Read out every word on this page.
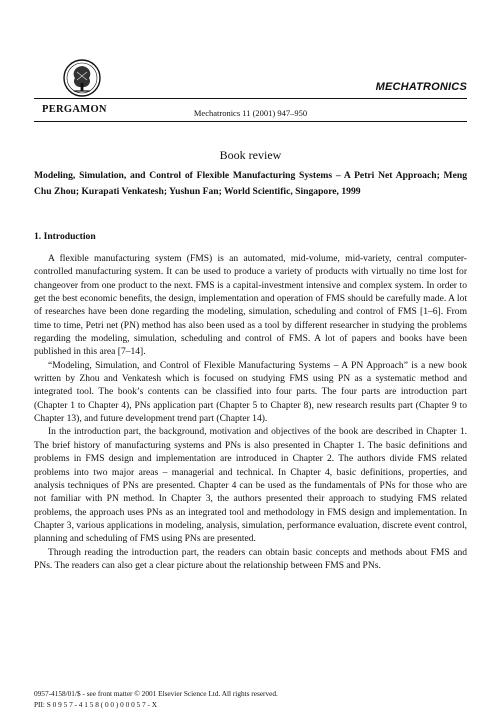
PERGAMON	Mechatronics 11 (2001) 947–950
MECHATRONICS
Book review
Modeling, Simulation, and Control of Flexible Manufacturing Systems – A Petri Net Approach; Meng Chu Zhou; Kurapati Venkatesh; Yushun Fan; World Scientific, Singapore, 1999
1. Introduction

A flexible manufacturing system (FMS) is an automated, mid-volume, mid-variety, central computer-controlled manufacturing system. It can be used to produce a variety of products with virtually no time lost for changeover from one product to the next. FMS is a capital-investment intensive and complex system. In order to get the best economic benefits, the design, implementation and operation of FMS should be carefully made. A lot of researches have been done regarding the modeling, simulation, scheduling and control of FMS [1–6]. From time to time, Petri net (PN) method has also been used as a tool by different researcher in studying the problems regarding the modeling, simulation, scheduling and control of FMS. A lot of papers and books have been published in this area [7–14].

“Modeling, Simulation, and Control of Flexible Manufacturing Systems – A PN Approach” is a new book written by Zhou and Venkatesh which is focused on studying FMS using PN as a systematic method and integrated tool. The book’s contents can be classified into four parts. The four parts are introduction part (Chapter 1 to Chapter 4), PNs application part (Chapter 5 to Chapter 8), new research results part (Chapter 9 to Chapter 13), and future development trend part (Chapter 14).

In the introduction part, the background, motivation and objectives of the book are described in Chapter 1. The brief history of manufacturing systems and PNs is also presented in Chapter 1. The basic definitions and problems in FMS design and implementation are introduced in Chapter 2. The authors divide FMS related problems into two major areas – managerial and technical. In Chapter 4, basic definitions, properties, and analysis techniques of PNs are presented. Chapter 4 can be used as the fundamentals of PNs for those who are not familiar with PN method. In Chapter 3, the authors presented their approach to studying FMS related problems, the approach uses PNs as an integrated tool and methodology in FMS design and implementation. In Chapter 3, various applications in modeling, analysis, simulation, performance evaluation, discrete event control, planning and scheduling of FMS using PNs are presented.

Through reading the introduction part, the readers can obtain basic concepts and methods about FMS and PNs. The readers can also get a clear picture about the relationship between FMS and PNs.

0957-4158/01/$ - see front matter © 2001 Elsevier Science Ltd. All rights reserved.
PII: S 0 9 5 7 - 4 1 5 8 ( 0 0 ) 0 0 0 5 7 - X
